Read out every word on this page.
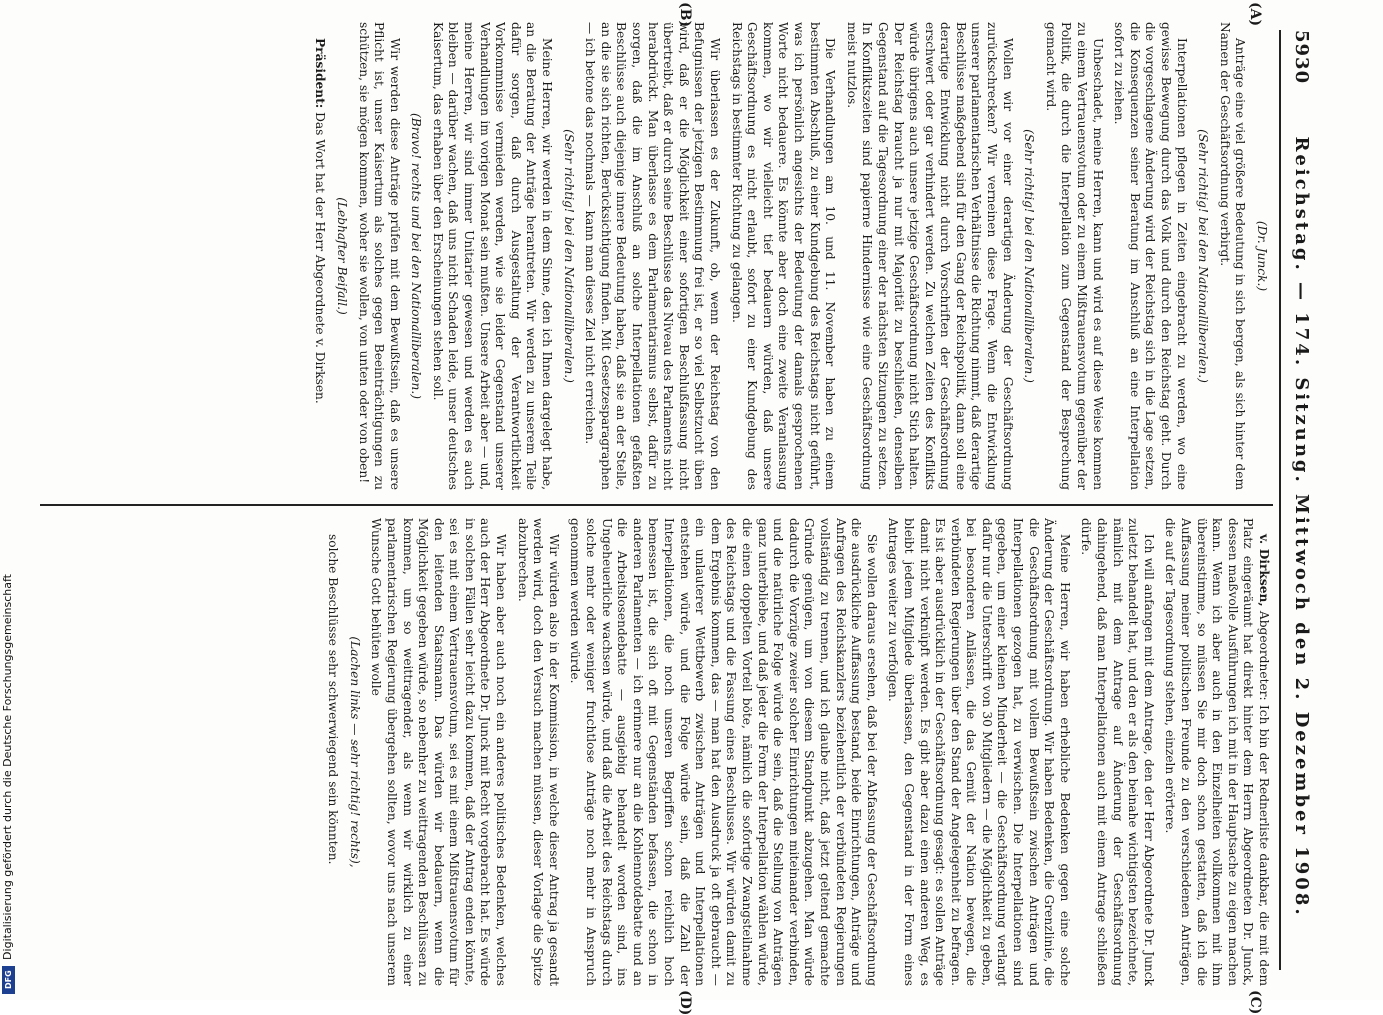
Digitalisierung gefördert durch die Deutsche Forschungsgemeinschaft
DFG
5930
Reichstag. — 174. Sitzung. Mittwoch den 2. Dezember 1908.
(A)
(B)
(C)
(D)

(Dr. Junck.)

Anträge eine viel größere Bedeutung in sich bergen, als sich hinter dem Namen der Geschäftsordnung verbirgt.

(Sehr richtig! bei den Nationalliberalen.)

Interpellationen pflegen in Zeiten eingebracht zu werden, wo eine gewisse Bewegung durch das Volk und durch den Reichstag geht. Durch die vorgeschlagene Änderung wird der Reichstag sich in die Lage setzen, die Konsequenzen seiner Beratung im Anschluß an eine Interpellation sofort zu ziehen.

Unbeschadet, meine Herren, kann und wird es auf diese Weise kommen zu einem Vertrauensvotum oder zu einem Mißtrauensvotum gegenüber der Politik, die durch die Interpellation zum Gegenstand der Besprechung gemacht wird.

(Sehr richtig! bei den Nationalliberalen.)

Wollen wir vor einer derartigen Änderung der Geschäftsordnung zurückschrecken? Wir verneinen diese Frage. Wenn die Entwicklung unserer parlamentarischen Verhältnisse die Richtung nimmt, daß derartige Beschlüsse maßgebend sind für den Gang der Reichspolitik, dann soll eine derartige Entwicklung nicht durch Vorschriften der Geschäftsordnung erschwert oder gar verhindert werden. Zu welchen Zeiten des Konflikts würde übrigens auch unsere jetzige Geschäftsordnung nicht Stich halten. Der Reichstag braucht ja nur mit Majorität zu beschließen, denselben Gegenstand auf die Tagesordnung einer der nächsten Sitzungen zu setzen. In Konfliktszeiten sind papierne Hindernisse wie eine Geschäftsordnung meist nutzlos.

Die Verhandlungen am 10. und 11. November haben zu einem bestimmten Abschluß, zu einer Kundgebung des Reichstags nicht geführt, was ich persönlich angesichts der Bedeutung der damals gesprochenen Worte nicht bedauere. Es könnte aber doch eine zweite Veranlassung kommen, wo wir vielleicht tief bedauern würden, daß unsere Geschäftsordnung es nicht erlaubt, sofort zu einer Kundgebung des Reichstags in bestimmter Richtung zu gelangen.

Wir überlassen es der Zukunft, ob, wenn der Reichstag von den Befugnissen der jetzigen Bestimmung frei ist, er so viel Selbstzucht üben wird, daß er die Möglichkeit einer sofortigen Beschlußfassung nicht übertreibt, daß er durch seine Beschlüsse das Niveau des Parlaments nicht herabdrückt. Man überlasse es dem Parlamentarismus selbst, dafür zu sorgen, daß die im Anschluß an solche Interpellationen gefaßten Beschlüsse auch diejenige innere Bedeutung haben, daß sie an der Stelle, an die sie sich richten, Berücksichtigung finden. Mit Gesetzesparagraphen — ich betone das nochmals — kann man dieses Ziel nicht erreichen.

(Sehr richtig! bei den Nationalliberalen.)

Meine Herren, wir werden in dem Sinne, den ich Ihnen dargelegt habe, an die Beratung der Anträge herantreten. Wir werden zu unserem Teile dafür sorgen, daß durch Ausgestaltung der Verantwortlichkeit Vorkommnisse vermieden werden, wie sie leider Gegenstand unserer Verhandlungen im vorigen Monat sein mußten. Unsere Arbeit aber — und, meine Herren, wir sind immer Unitarier gewesen und werden es auch bleiben — darüber wachen, daß uns nicht Schaden leide, unser deutsches Kaisertum, das erhaben über den Erscheinungen stehen soll.

(Bravo! rechts und bei den Nationalliberalen.)

Wir werden diese Anträge prüfen mit dem Bewußtsein, daß es unsere Pflicht ist, unser Kaisertum als solches gegen Beeinträchtigungen zu schützen, sie mögen kommen, woher sie wollen, von unten oder von oben!

(Lebhafter Beifall.)

Präsident: Das Wort hat der Herr Abgeordnete v. Dirksen.

v. Dirksen, Abgeordneter: Ich bin der Rednerliste dankbar, die mit dem Platz eingeräumt hat direkt hinter dem Herrn Abgeordneten Dr. Junck, dessen maßvolle Ausführungen ich mit in der Hauptsache zu eigen machen kann. Wenn ich aber auch in den Einzelheiten vollkommen mit ihm übereinstimme, so müssen Sie mir doch schon gestatten, daß ich die Auffassung meiner politischen Freunde zu den verschiedenen Anträgen, die auf der Tagesordnung stehen, einzeln erörtere.

Ich will anfangen mit dem Antrage, den der Herr Abgeordnete Dr. Junck zuletzt behandelt hat, und den er als den beinahe wichtigsten bezeichnete, nämlich mit dem Antrage auf Änderung der Geschäftsordnung dahingehend, daß man Interpellationen auch mit einem Antrage schließen dürfe.

Meine Herren, wir haben erhebliche Bedenken gegen eine solche Änderung der Geschäftsordnung. Wir haben Bedenken, die Grenzlinie, die die Geschäftsordnung mit vollem Bewußtsein zwischen Anträgen und Interpellationen gezogen hat, zu verwischen. Die Interpellationen sind gegeben, um einer kleinen Minderheit — die Geschäftsordnung verlangt dafür nur die Unterschrift von 30 Mitgliedern — die Möglichkeit zu geben, bei besonderen Anlässen, die das Gemüt der Nation bewegen, die verbündeten Regierungen über den Stand der Angelegenheit zu befragen. Es ist aber ausdrücklich in der Geschäftsordnung gesagt: es sollen Anträge damit nicht verknüpft werden. Es gibt aber dazu einen anderen Weg, es bleibt jedem Mitgliede überlassen, den Gegenstand in der Form eines Antrages weiter zu verfolgen.

Sie wollen daraus ersehen, daß bei der Abfassung der Geschäftsordnung die ausdrückliche Auffassung bestand, beide Einrichtungen, Anträge und Anfragen des Reichskanzlers beziehentlich der verbündeten Regierungen vollständig zu trennen, und ich glaube nicht, daß jetzt geltend gemachte Gründe genügen, um von diesem Standpunkt abzugehen. Man würde dadurch die Vorzüge zweier solcher Einrichtungen miteinander verbinden, und die natürliche Folge würde die sein, daß die Stellung von Anträgen ganz unterbliebe, und daß jeder die Form der Interpellation wählen würde, die einen doppelten Vorteil böte, nämlich die sofortige Zwangsteilnahme des Reichstags und die Fassung eines Beschlusses. Wir würden damit zu dem Ergebnis kommen, das — man hat den Ausdruck ja oft gebraucht — ein unlauterer Wettbewerb zwischen Anträgen und Interpellationen entstehen würde, und die Folge würde sein, daß die Zahl der Interpellationen, die noch unseren Begriffen schon reichlich hoch bemessen ist, die sich oft mit Gegenständen befassen, die schon in anderen Parlamenten — ich erinnere nur an die Kohlennotdebatte und an die Arbeitslosendebatte — ausgiebig behandelt worden sind, ins Ungeheuerliche wachsen würde, und daß die Arbeit des Reichstags durch solche mehr oder weniger fruchtlose Anträge noch mehr in Anspruch genommen werden würde.

Wir würden also in der Kommission, in welche dieser Antrag ja gesandt werden wird, doch den Versuch machen müssen, dieser Vorlage die Spitze abzubrechen.

Wir haben aber auch noch ein anderes politisches Bedenken, welches auch der Herr Abgeordnete Dr. Junck mit Recht vorgebracht hat. Es würde in solchen Fällen sehr leicht dazu kommen, daß der Antrag enden könnte, sei es mit einem Vertrauensvotum, sei es mit einem Mißtrauensvotum für den leitenden Staatsmann. Das würden wir bedauern, wenn die Möglichkeit gegeben würde, so nebenher zu weittragenden Beschlüssen zu kommen, um so weittragender, als wenn wir wirklich zu einer parlamentarischen Regierung übergehen sollten, wovor uns nach unserem Wunsche Gott behüten wolle

(Lachen links — sehr richtig! rechts),

solche Beschlüsse sehr schwerwiegend sein könnten.
